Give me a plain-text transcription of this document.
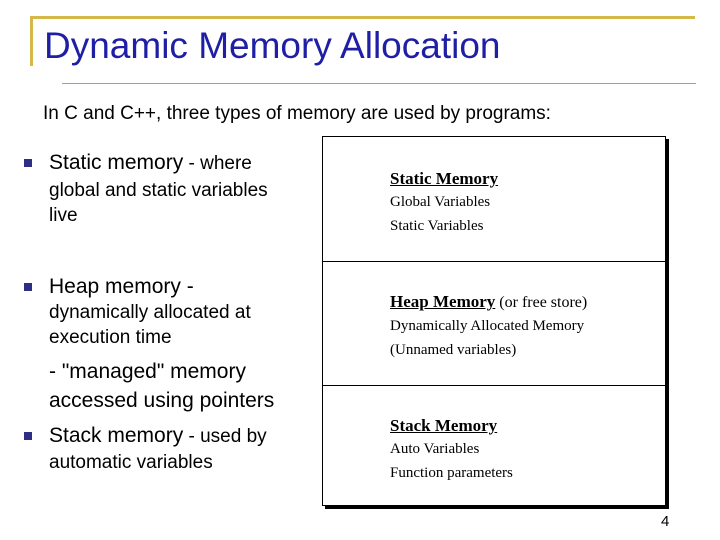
Dynamic Memory Allocation
In C and C++, three types of memory are used by programs:
Static memory - where
global and static variables
live
Heap memory -
dynamically allocated at
execution time
- "managed" memory
accessed using pointers
Stack memory - used by
automatic variables
Static Memory
Global Variables
Static Variables
Heap Memory (or free store)
Dynamically Allocated Memory
(Unnamed variables)
Stack Memory
Auto Variables
Function parameters
4
